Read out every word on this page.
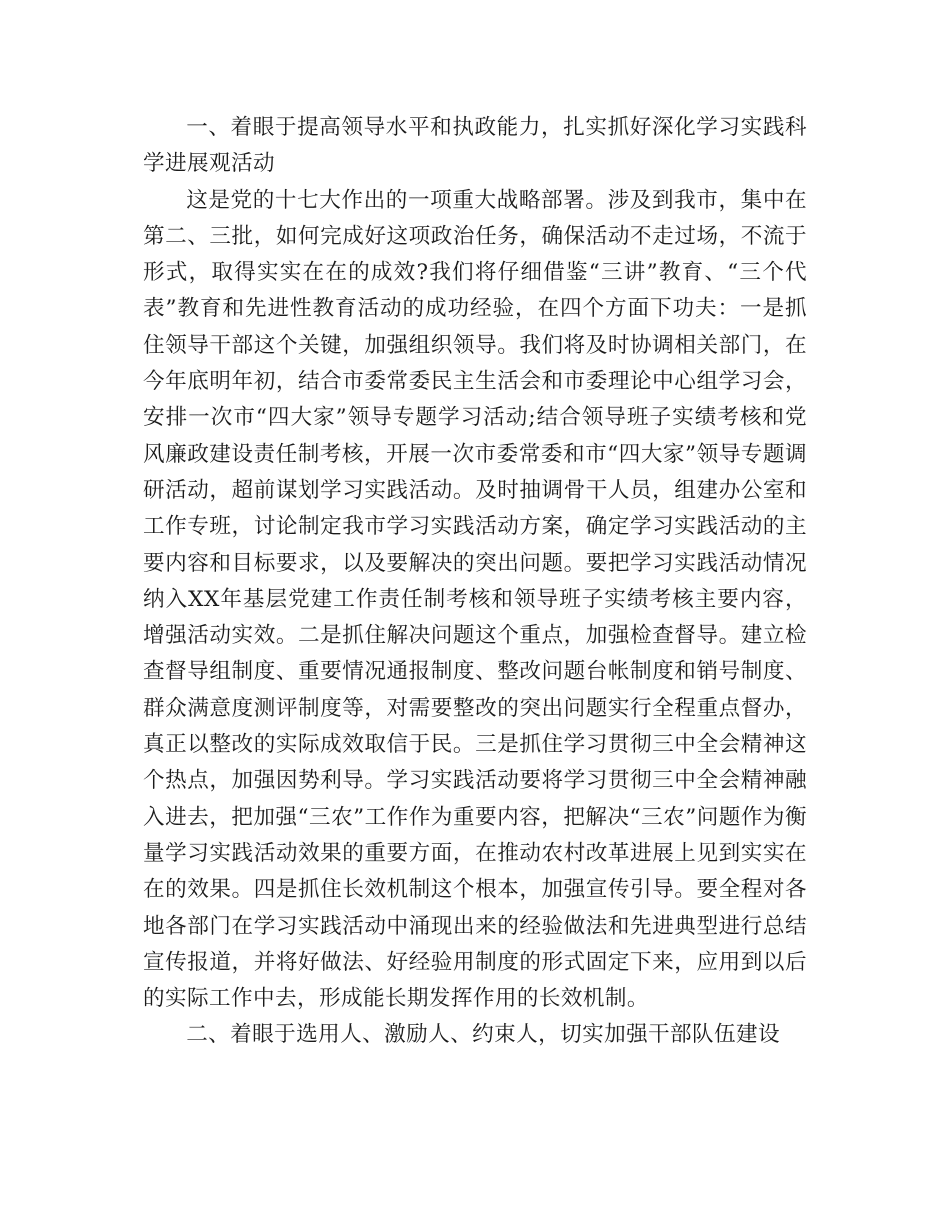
一、着眼于提高领导水平和执政能力，扎实抓好深化学习实践科学进展观活动

这是党的十七大作出的一项重大战略部署。涉及到我市，集中在第二、三批，如何完成好这项政治任务，确保活动不走过场，不流于形式，取得实实在在的成效?我们将仔细借鉴“三讲”教育、“三个代表”教育和先进性教育活动的成功经验，在四个方面下功夫：一是抓住领导干部这个关键，加强组织领导。我们将及时协调相关部门，在今年底明年初，结合市委常委民主生活会和市委理论中心组学习会，安排一次市“四大家”领导专题学习活动;结合领导班子实绩考核和党风廉政建设责任制考核，开展一次市委常委和市“四大家”领导专题调研活动，超前谋划学习实践活动。及时抽调骨干人员，组建办公室和工作专班，讨论制定我市学习实践活动方案，确定学习实践活动的主要内容和目标要求，以及要解决的突出问题。要把学习实践活动情况纳入XX年基层党建工作责任制考核和领导班子实绩考核主要内容，增强活动实效。二是抓住解决问题这个重点，加强检查督导。建立检查督导组制度、重要情况通报制度、整改问题台帐制度和销号制度、群众满意度测评制度等，对需要整改的突出问题实行全程重点督办，真正以整改的实际成效取信于民。三是抓住学习贯彻三中全会精神这个热点，加强因势利导。学习实践活动要将学习贯彻三中全会精神融入进去，把加强“三农”工作作为重要内容，把解决“三农”问题作为衡量学习实践活动效果的重要方面，在推动农村改革进展上见到实实在在的效果。四是抓住长效机制这个根本，加强宣传引导。要全程对各地各部门在学习实践活动中涌现出来的经验做法和先进典型进行总结宣传报道，并将好做法、好经验用制度的形式固定下来，应用到以后的实际工作中去，形成能长期发挥作用的长效机制。

二、着眼于选用人、激励人、约束人，切实加强干部队伍建设
